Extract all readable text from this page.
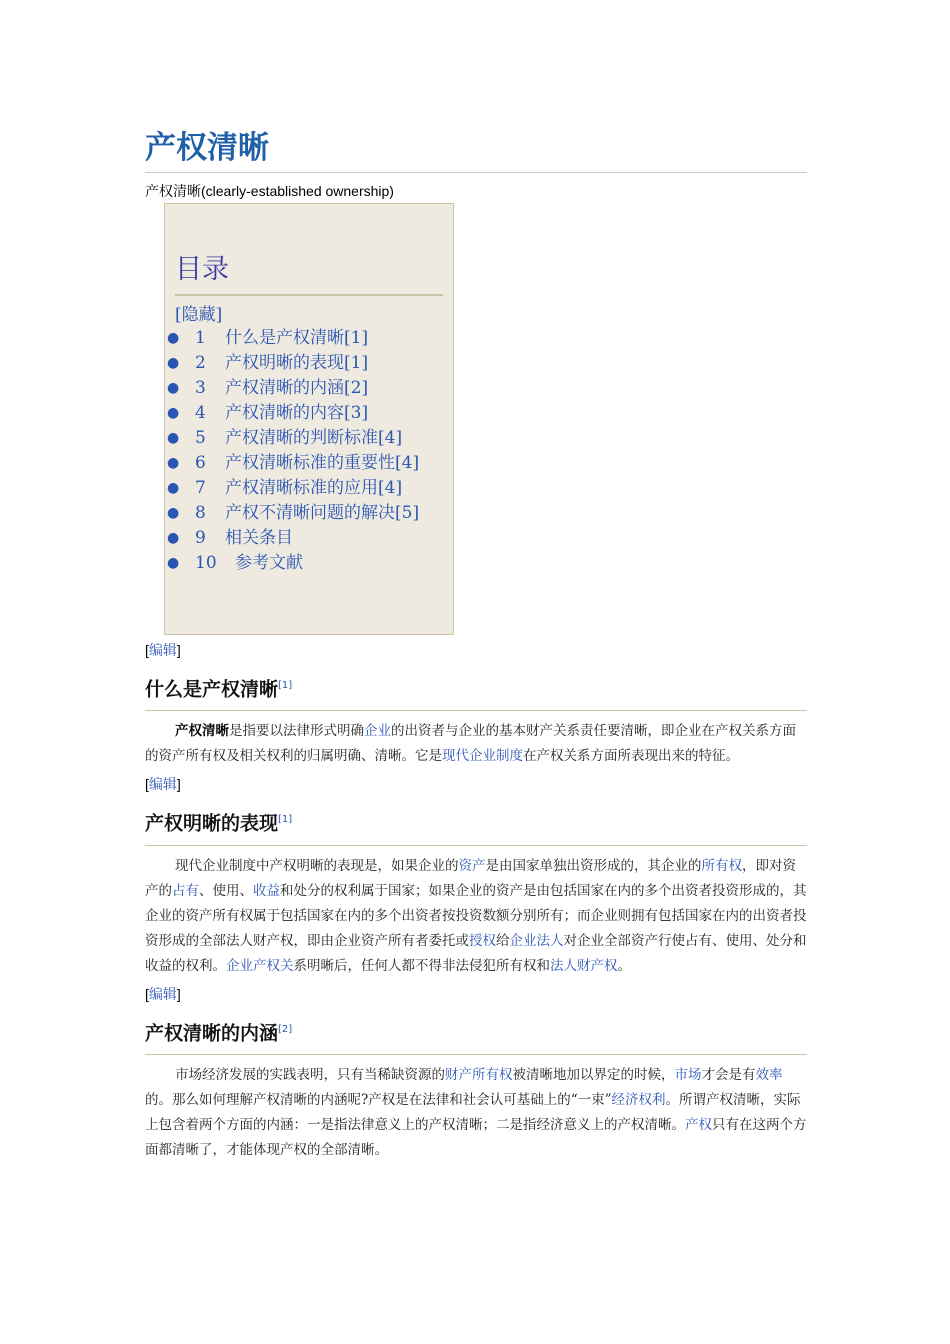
产权清晰
产权清晰(clearly-established ownership)
目录
[隐藏]
● 1 什么是产权清晰[1]
● 2 产权明晰的表现[1]
● 3 产权清晰的内涵[2]
● 4 产权清晰的内容[3]
● 5 产权清晰的判断标准[4]
● 6 产权清晰标准的重要性[4]
● 7 产权清晰标准的应用[4]
● 8 产权不清晰问题的解决[5]
● 9 相关条目
● 10 参考文献
[编辑]
什么是产权清晰[1]

产权清晰是指要以法律形式明确企业的出资者与企业的基本财产关系责任要清晰，即企业在产权关系方面的资产所有权及相关权利的归属明确、清晰。它是现代企业制度在产权关系方面所表现出来的特征。

[编辑]
产权明晰的表现[1]

现代企业制度中产权明晰的表现是，如果企业的资产是由国家单独出资形成的，其企业的所有权，即对资产的占有、使用、收益和处分的权利属于国家；如果企业的资产是由包括国家在内的多个出资者投资形成的，其企业的资产所有权属于包括国家在内的多个出资者按投资数额分别所有；而企业则拥有包括国家在内的出资者投资形成的全部法人财产权，即由企业资产所有者委托或授权给企业法人对企业全部资产行使占有、使用、处分和收益的权利。企业产权关系明晰后，任何人都不得非法侵犯所有权和法人财产权。

[编辑]
产权清晰的内涵[2]

市场经济发展的实践表明，只有当稀缺资源的财产所有权被清晰地加以界定的时候，市场才会是有效率的。那么如何理解产权清晰的内涵呢?产权是在法律和社会认可基础上的“一束”经济权利。所谓产权清晰，实际上包含着两个方面的内涵：一是指法律意义上的产权清晰；二是指经济意义上的产权清晰。产权只有在这两个方面都清晰了，才能体现产权的全部清晰。
